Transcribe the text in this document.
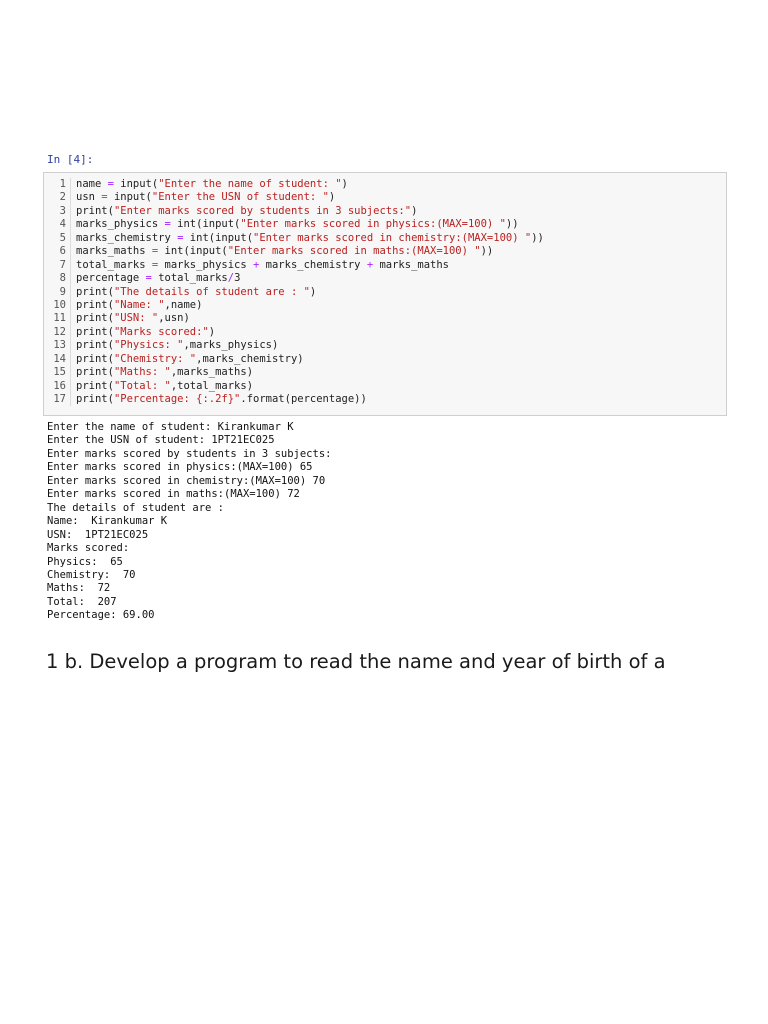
In [4]:
1 name = input("Enter the name of student: ")
2 usn = input("Enter the USN of student: ")
3 print("Enter marks scored by students in 3 subjects:")
4 marks_physics = int(input("Enter marks scored in physics:(MAX=100) "))
5 marks_chemistry = int(input("Enter marks scored in chemistry:(MAX=100) "))
6 marks_maths = int(input("Enter marks scored in maths:(MAX=100) "))
7 total_marks = marks_physics + marks_chemistry + marks_maths
8 percentage = total_marks/3
9 print("The details of student are : ")
10 print("Name: ",name)
11 print("USN: ",usn)
12 print("Marks scored:")
13 print("Physics: ",marks_physics)
14 print("Chemistry: ",marks_chemistry)
15 print("Maths: ",marks_maths)
16 print("Total: ",total_marks)
17 print("Percentage: {:.2f}".format(percentage))
Enter the name of student: Kirankumar K
Enter the USN of student: 1PT21EC025
Enter marks scored by students in 3 subjects:
Enter marks scored in physics:(MAX=100) 65
Enter marks scored in chemistry:(MAX=100) 70
Enter marks scored in maths:(MAX=100) 72
The details of student are :
Name:  Kirankumar K
USN:  1PT21EC025
Marks scored:
Physics:  65
Chemistry:  70
Maths:  72
Total:  207
Percentage: 69.00
1 b. Develop a program to read the name and year of birth of a
